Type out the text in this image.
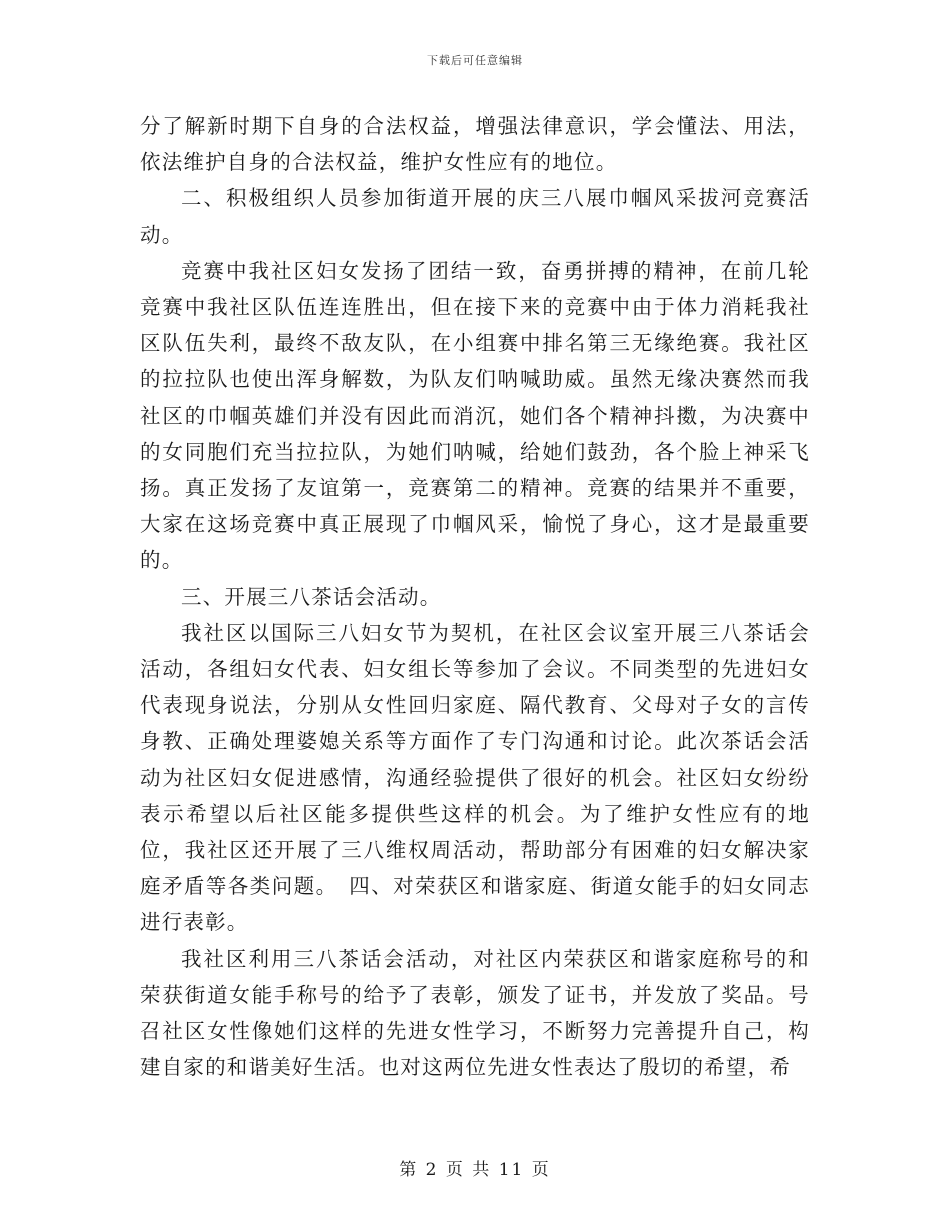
下载后可任意编辑

分了解新时期下自身的合法权益，增强法律意识，学会懂法、用法，依法维护自身的合法权益，维护女性应有的地位。

二、积极组织人员参加街道开展的庆三八展巾帼风采拔河竞赛活动。

竞赛中我社区妇女发扬了团结一致，奋勇拼搏的精神，在前几轮竞赛中我社区队伍连连胜出，但在接下来的竞赛中由于体力消耗我社区队伍失利，最终不敌友队，在小组赛中排名第三无缘绝赛。我社区的拉拉队也使出浑身解数，为队友们呐喊助威。虽然无缘决赛然而我社区的巾帼英雄们并没有因此而消沉，她们各个精神抖擞，为决赛中的女同胞们充当拉拉队，为她们呐喊，给她们鼓劲，各个脸上神采飞扬。真正发扬了友谊第一，竞赛第二的精神。竞赛的结果并不重要，大家在这场竞赛中真正展现了巾帼风采，愉悦了身心，这才是最重要的。

三、开展三八茶话会活动。

我社区以国际三八妇女节为契机，在社区会议室开展三八茶话会活动，各组妇女代表、妇女组长等参加了会议。不同类型的先进妇女代表现身说法，分别从女性回归家庭、隔代教育、父母对子女的言传身教、正确处理婆媳关系等方面作了专门沟通和讨论。此次茶话会活动为社区妇女促进感情，沟通经验提供了很好的机会。社区妇女纷纷表示希望以后社区能多提供些这样的机会。为了维护女性应有的地位，我社区还开展了三八维权周活动，帮助部分有困难的妇女解决家庭矛盾等各类问题。　四、对荣获区和谐家庭、街道女能手的妇女同志进行表彰。

我社区利用三八茶话会活动，对社区内荣获区和谐家庭称号的和荣获街道女能手称号的给予了表彰，颁发了证书，并发放了奖品。号召社区女性像她们这样的先进女性学习，不断努力完善提升自己，构建自家的和谐美好生活。也对这两位先进女性表达了殷切的希望，希

第 2 页 共 11 页
